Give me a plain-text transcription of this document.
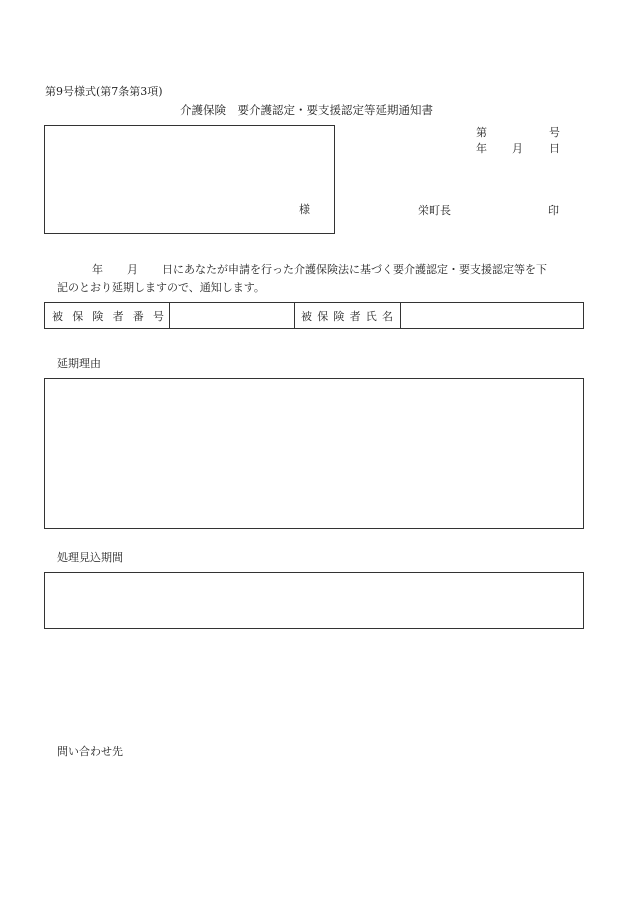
第9号様式(第7条第3項)
介護保険　要介護認定・要支援認定等延期通知書
様
第	号
年 月 日
栄町長	印
年 月 日にあなたが申請を行った介護保険法に基づく要介護認定・要支援認定等を下
記のとおり延期しますので、通知します。
被 保 険 者 番 号	被 保 険 者 氏 名
延期理由
処理見込期間
問い合わせ先
